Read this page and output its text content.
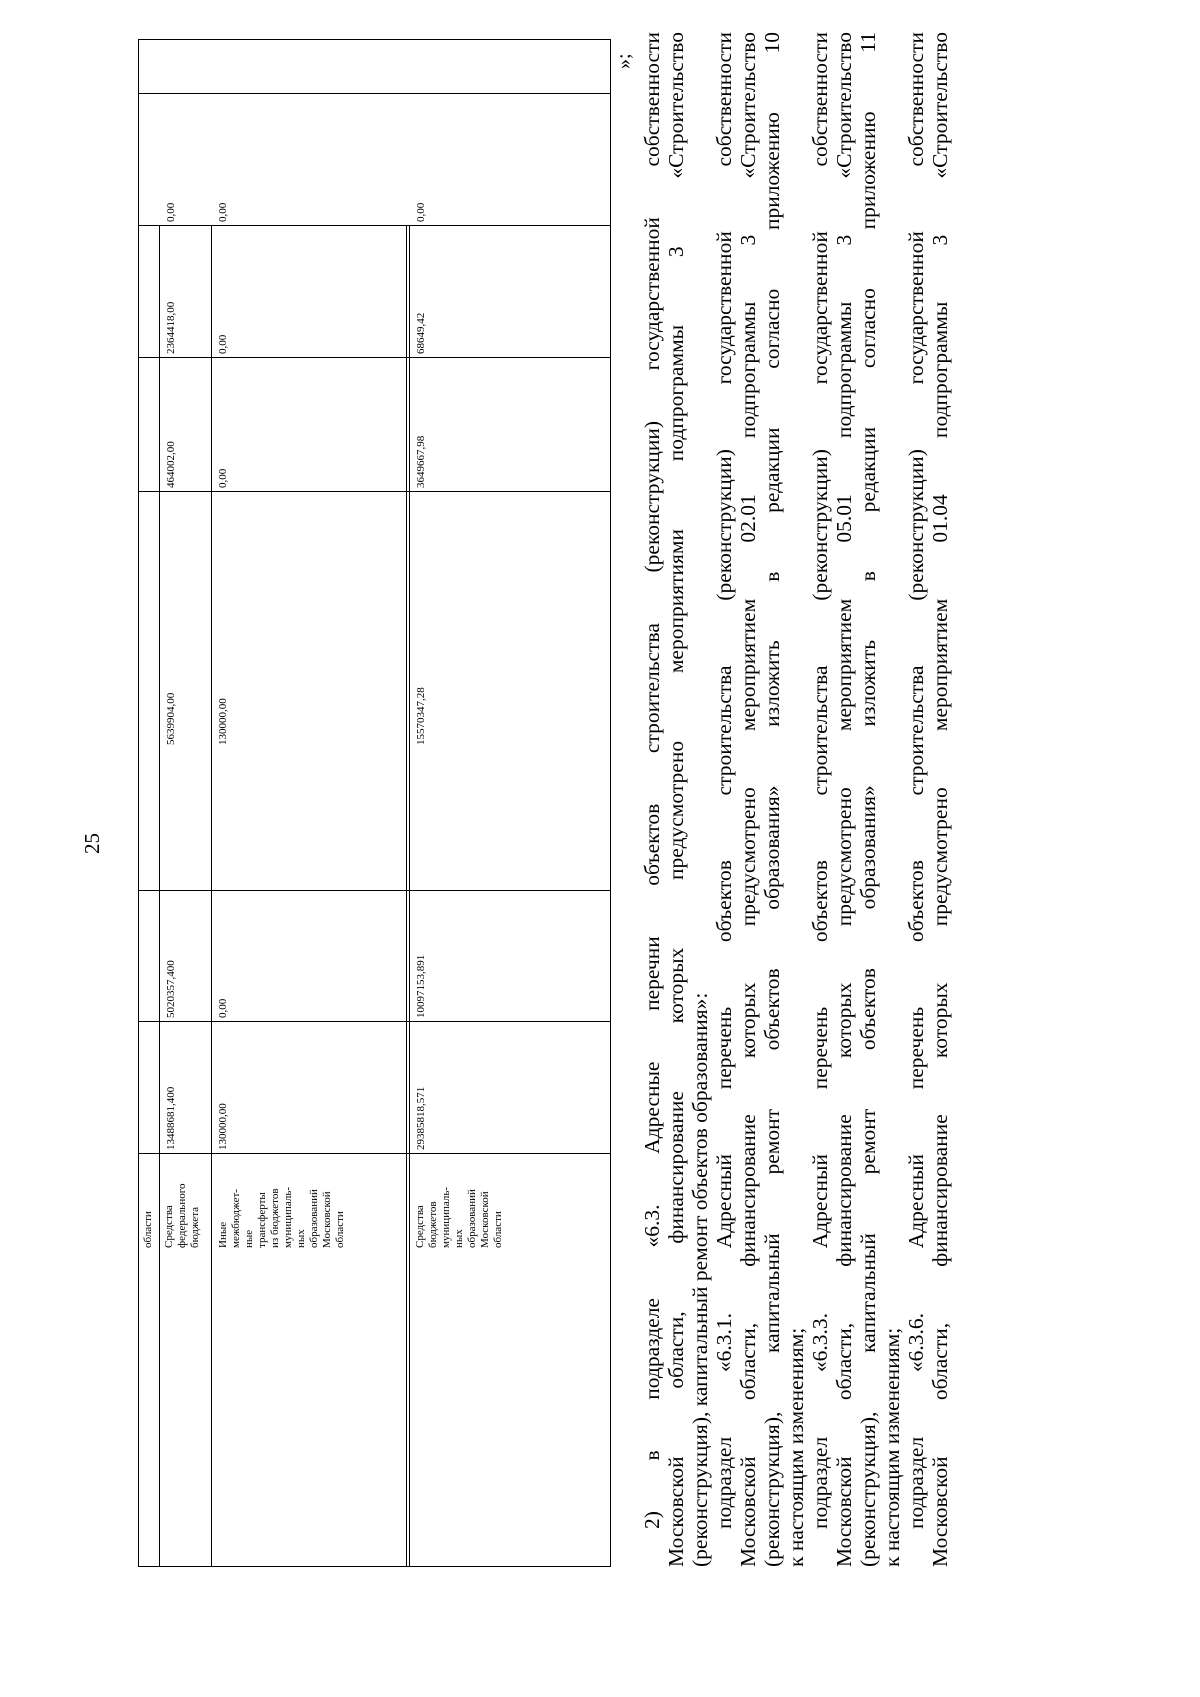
25
области Средства федерального бюджета
13488681,400
5020357,400
5639904,00
464002,00
2364418,00
0,00
Иные межбюджет- ные трансферты из бюджетов муниципаль- ных образований Московской области
130000,00
0,00
130000,00
0,00
0,00
0,00
Средства бюджетов муниципаль- ных образований Московской области
29385818,571
10097153,891
15570347,28
3649667,98
68649,42
0,00
»; 2) в подразделе «6.3. Адресные перечни объектов строительства (реконструкции) государственной собственности Московской области, финансирование которых предусмотрено мероприятиями подпрограммы 3 «Строительство (реконструкция), капитальный ремонт объектов образования»: подраздел «6.3.1. Адресный перечень объектов строительства (реконструкции) государственной собственности Московской области, финансирование которых предусмотрено мероприятием 02.01 подпрограммы 3 «Строительство (реконструкция), капитальный ремонт объектов образования» изложить в редакции согласно приложению 10 к настоящим изменениям; подраздел «6.3.3. Адресный перечень объектов строительства (реконструкции) государственной собственности Московской области, финансирование которых предусмотрено мероприятием 05.01 подпрограммы 3 «Строительство (реконструкция), капитальный ремонт объектов образования» изложить в редакции согласно приложению 11 к настоящим изменениям; подраздел «6.3.6. Адресный перечень объектов строительства (реконструкции) государственной собственности Московской области, финансирование которых предусмотрено мероприятием 01.04 подпрограммы 3 «Строительство
